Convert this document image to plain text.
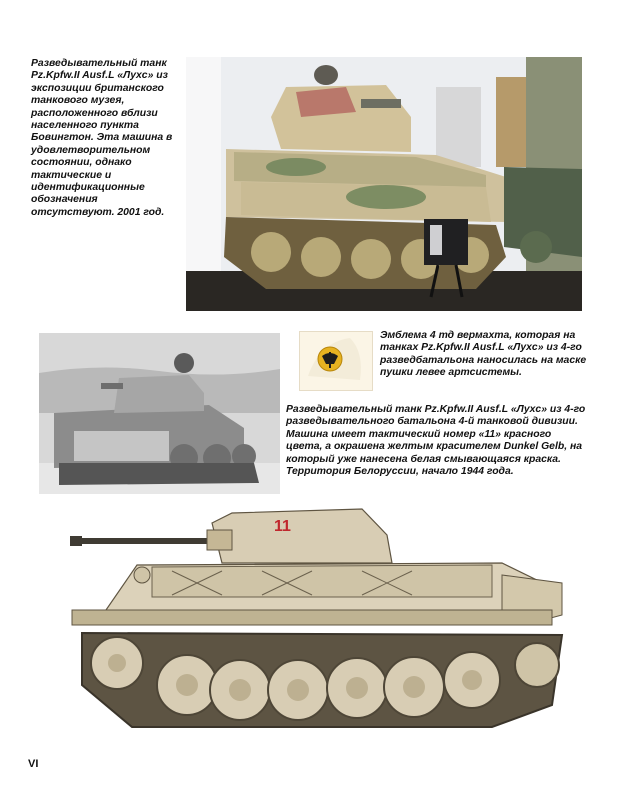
Разведывательный танк Pz.Kpfw.II Ausf.L «Луxc» из экспозиции британского танкового музея, расположенного вблизи населенного пункта Бовингтон. Эта машина в удовлетворительном состоянии, однако тактические и идентификационные обозначения отсутствуют. 2001 год.
Эмблема 4 тд вермахта, которая на танках Pz.Kpfw.II Ausf.L «Луxc» из 4-го разведбатальона наносилась на маске пушки левее артсистемы.
Разведывательный танк Pz.Kpfw.II Ausf.L «Луxc» из 4-го разведывательного батальона 4-й танковой дивизии. Машина имеет тактический номер «11» красного цвета, а окрашена желтым красителем Dunkel Gelb, на который уже нанесена белая смывающаяся краска. Территория Белоруссии, начало 1944 года.
11
VI
